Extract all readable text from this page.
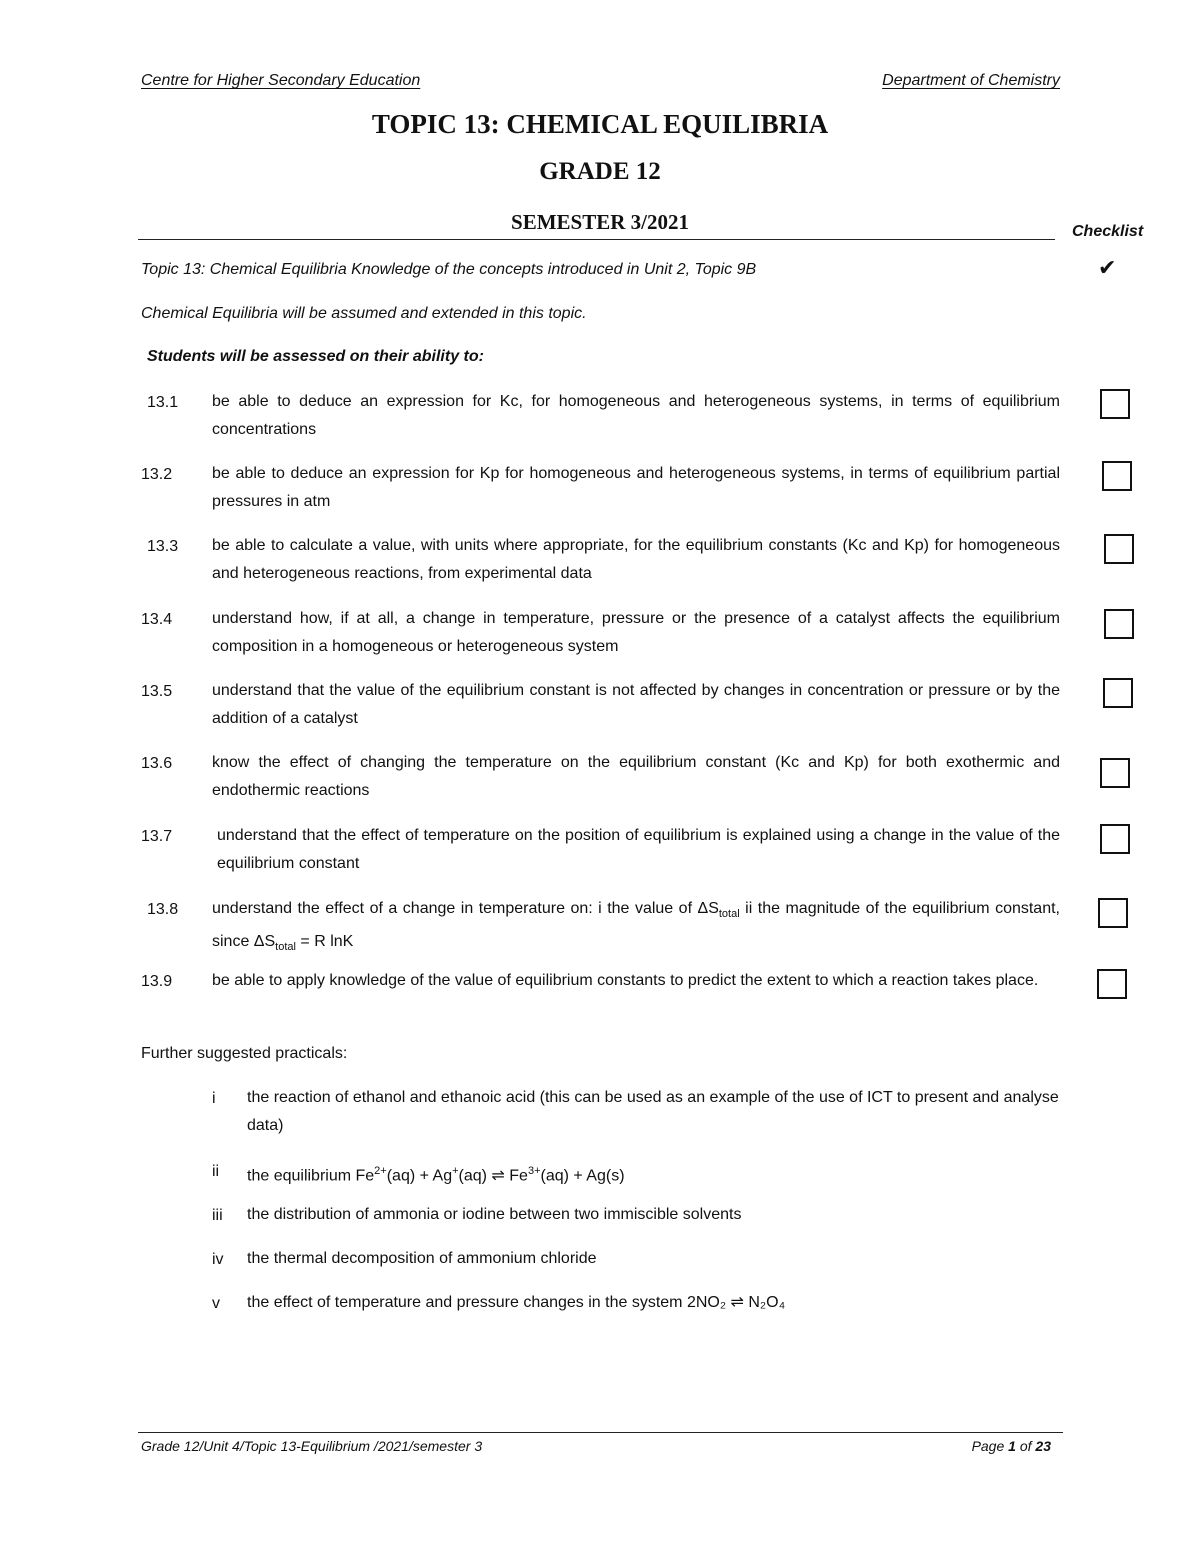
Centre for Higher Secondary Education	Department of Chemistry
TOPIC 13: CHEMICAL EQUILIBRIA
GRADE 12
SEMESTER 3/2021	Checklist
✔
Topic 13: Chemical Equilibria Knowledge of the concepts introduced in Unit 2, Topic 9B
Chemical Equilibria will be assumed and extended in this topic.
Students will be assessed on their ability to:
13.1 be able to deduce an expression for Kc, for homogeneous and heterogeneous systems, in terms of equilibrium concentrations
13.2 be able to deduce an expression for Kp for homogeneous and heterogeneous systems, in terms of equilibrium partial pressures in atm
13.3 be able to calculate a value, with units where appropriate, for the equilibrium constants (Kc and Kp) for homogeneous and heterogeneous reactions, from experimental data
13.4 understand how, if at all, a change in temperature, pressure or the presence of a catalyst affects the equilibrium composition in a homogeneous or heterogeneous system
13.5 understand that the value of the equilibrium constant is not affected by changes in concentration or pressure or by the addition of a catalyst
13.6 know the effect of changing the temperature on the equilibrium constant (Kc and Kp) for both exothermic and endothermic reactions
13.7	understand that the effect of temperature on the position of equilibrium is explained using a change in the value of the equilibrium constant
13.8 understand the effect of a change in temperature on: i the value of $\Delta S_{total}$ ii the magnitude of the equilibrium constant, since $\Delta S_{total} = R$ lnK
13.9 be able to apply knowledge of the value of equilibrium constants to predict the extent to which a reaction takes place.
Further suggested practicals:
i the reaction of ethanol and ethanoic acid (this can be used as an example of the use of ICT to present and analyse data)
ii the equilibrium $Fe^{2+}(aq) + Ag^+(aq)$ ⇌ $Fe^{3+}(aq) + Ag(s)$
iii the distribution of ammonia or iodine between two immiscible solvents
iv the thermal decomposition of ammonium chloride
v the effect of temperature and pressure changes in the system 2NO₂ ⇌ N₂O₄
Grade 12/Unit 4/Topic 13-Equilibrium /2021/semester 3	Page 1 of 23
